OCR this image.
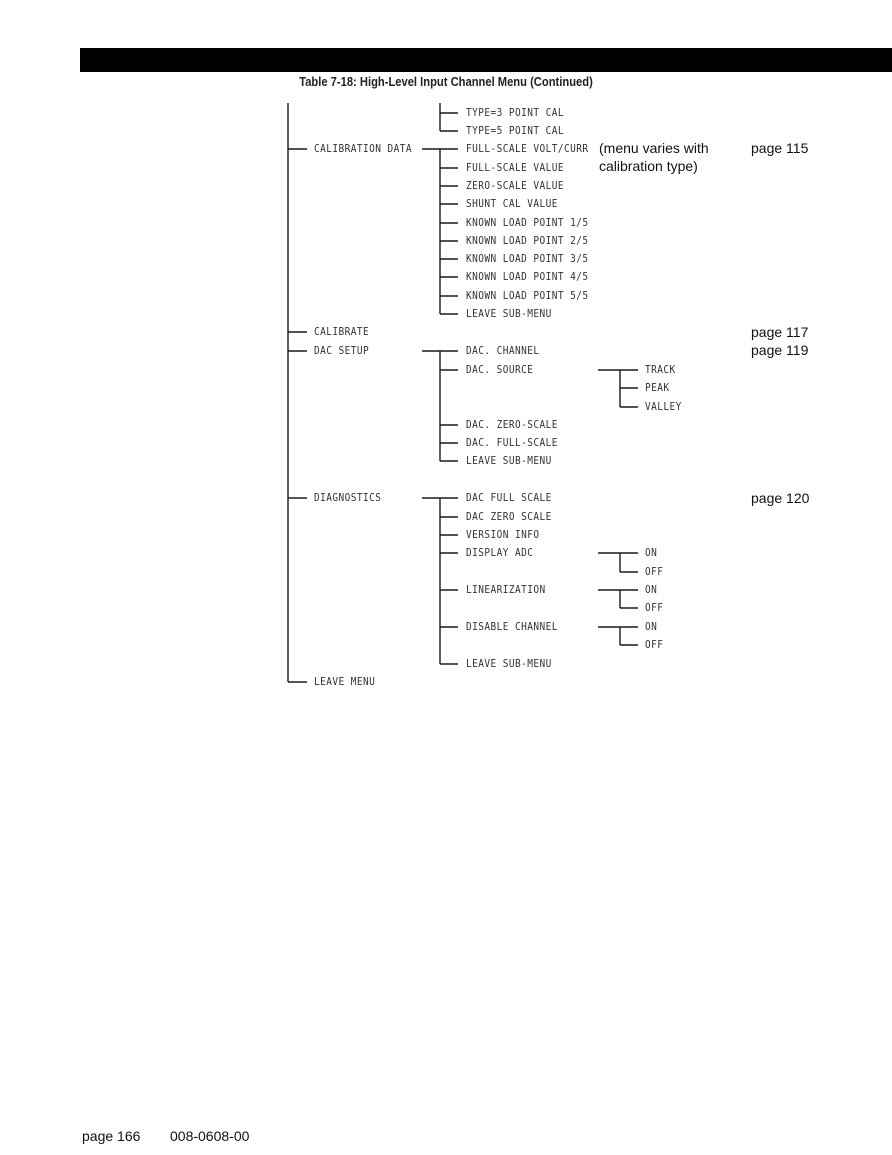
Table 7-18: High-Level Input Channel Menu (Continued)
TYPE=3 POINT CAL
TYPE=5 POINT CAL
CALIBRATION DATA
CALIBRATE
DAC SETUP
DIAGNOSTICS
LEAVE MENU
FULL-SCALE VOLT/CURR
FULL-SCALE VALUE
ZERO-SCALE VALUE
SHUNT CAL VALUE
KNOWN LOAD POINT 1/5
KNOWN LOAD POINT 2/5
KNOWN LOAD POINT 3/5
KNOWN LOAD POINT 4/5
KNOWN LOAD POINT 5/5
LEAVE SUB-MENU
DAC. CHANNEL
DAC. SOURCE
DAC. ZERO-SCALE
DAC. FULL-SCALE
LEAVE SUB-MENU
TRACK
PEAK
VALLEY
DAC FULL SCALE
DAC ZERO SCALE
VERSION INFO
DISPLAY ADC
LINEARIZATION
DISABLE CHANNEL
LEAVE SUB-MENU
ON
OFF
ON
OFF
ON
OFF
(menu varies with
calibration type)
page 115
page 117
page 119
page 120
page 166 008-0608-00
